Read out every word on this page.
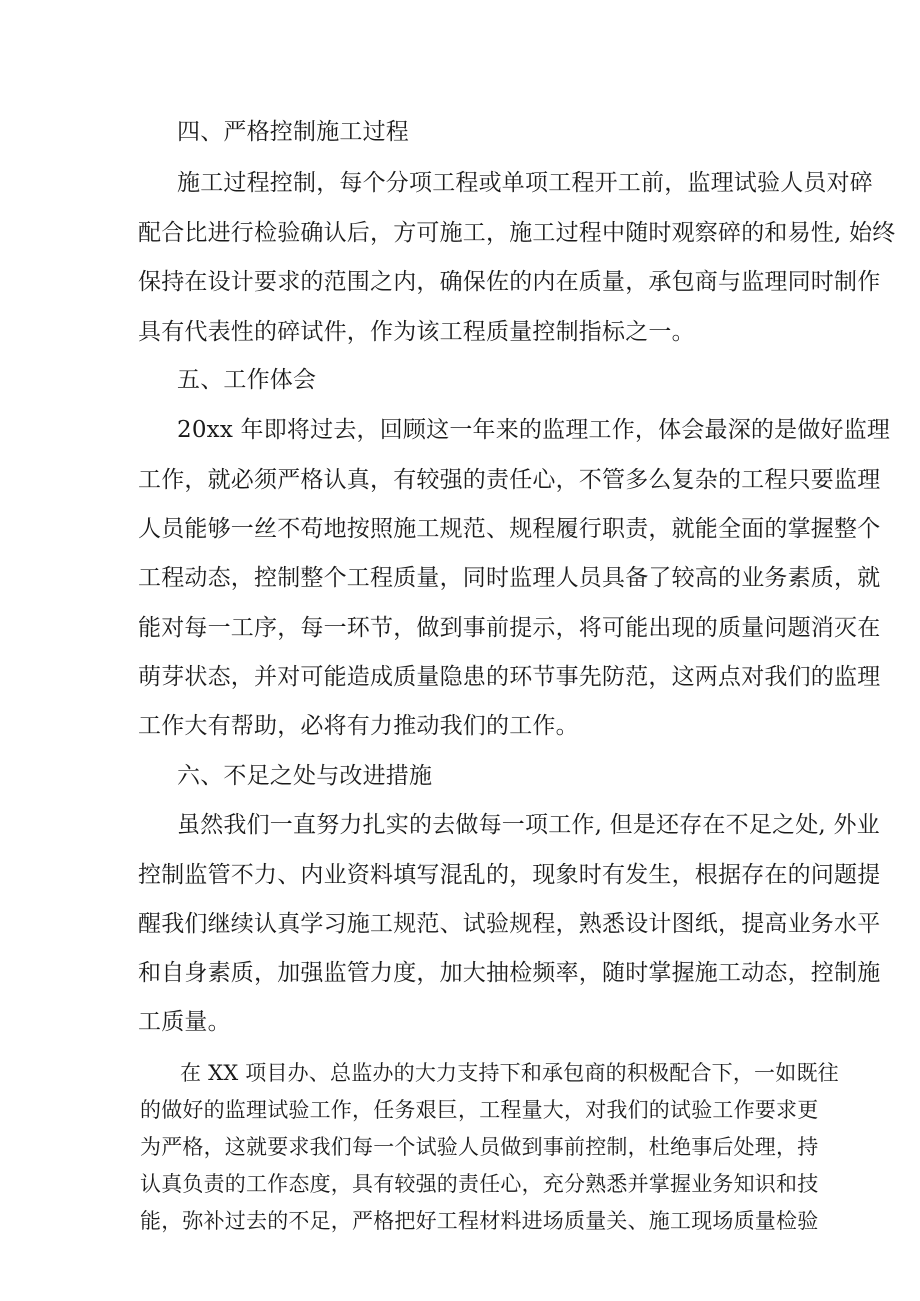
四、严格控制施工过程

施工过程控制，每个分项工程或单项工程开工前，监理试验人员对碎

配合比进行检验确认后，方可施工，施工过程中随时观察碎的和易性, 始终

保持在设计要求的范围之内，确保佐的内在质量，承包商与监理同时制作

具有代表性的碎试件，作为该工程质量控制指标之一。

五、工作体会

20xx 年即将过去，回顾这一年来的监理工作，体会最深的是做好监理

工作，就必须严格认真，有较强的责任心，不管多么复杂的工程只要监理

人员能够一丝不苟地按照施工规范、规程履行职责，就能全面的掌握整个

工程动态，控制整个工程质量，同时监理人员具备了较高的业务素质，就

能对每一工序，每一环节，做到事前提示，将可能出现的质量问题消灭在

萌芽状态，并对可能造成质量隐患的环节事先防范，这两点对我们的监理

工作大有帮助，必将有力推动我们的工作。

六、不足之处与改进措施

虽然我们一直努力扎实的去做每一项工作, 但是还存在不足之处, 外业

控制监管不力、内业资料填写混乱的，现象时有发生，根据存在的问题提

醒我们继续认真学习施工规范、试验规程，熟悉设计图纸，提高业务水平

和自身素质，加强监管力度，加大抽检频率，随时掌握施工动态，控制施

工质量。

在 XX 项目办、总监办的大力支持下和承包商的积极配合下，一如既往

的做好的监理试验工作，任务艰巨，工程量大，对我们的试验工作要求更

为严格，这就要求我们每一个试验人员做到事前控制，杜绝事后处理，持

认真负责的工作态度，具有较强的责任心，充分熟悉并掌握业务知识和技

能，弥补过去的不足，严格把好工程材料进场质量关、施工现场质量检验
